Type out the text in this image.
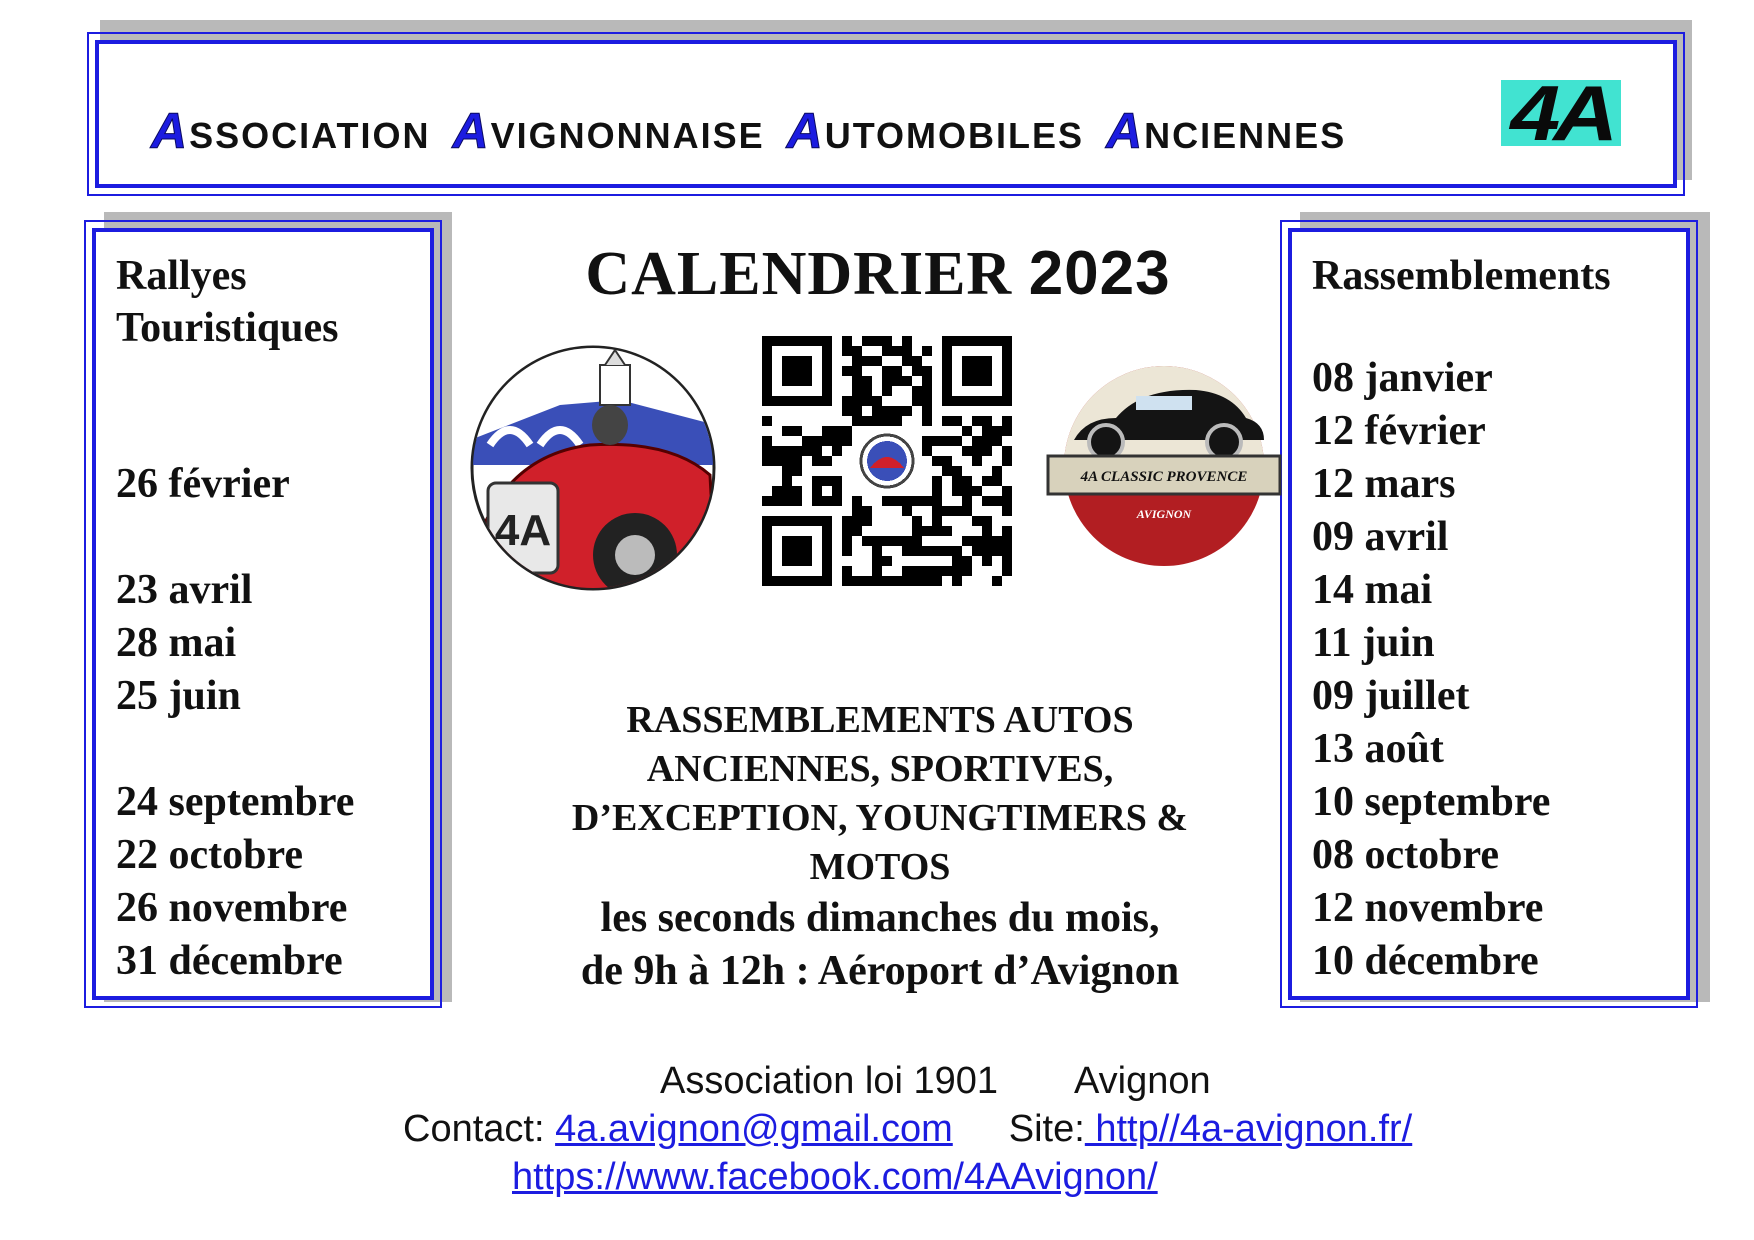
A SSOCIATION A VIGNONNAISE A UTOMOBILES A NCIENNES 4A
Rallyes
Touristiques
26 février
23 avril
28 mai
25 juin
24 septembre
22 octobre
26 novembre
31 décembre
Rassemblements
08 janvier
12 février
12 mars
09 avril
14 mai
11 juin
09 juillet
13 août
10 septembre
08 octobre
12 novembre
10 décembre
CALENDRIER 2023
4A
4A CLASSIC PROVENCE
AVIGNON
RASSEMBLEMENTS AUTOS
ANCIENNES, SPORTIVES,
D’EXCEPTION, YOUNGTIMERS &
MOTOS
les seconds dimanches du mois,
de 9h à 12h : Aéroport d’Avignon
Association loi 1901 Avignon
Contact: 4a.avignon@gmail.com Site: http//4a-avignon.fr/
https://www.facebook.com/4AAvignon/
